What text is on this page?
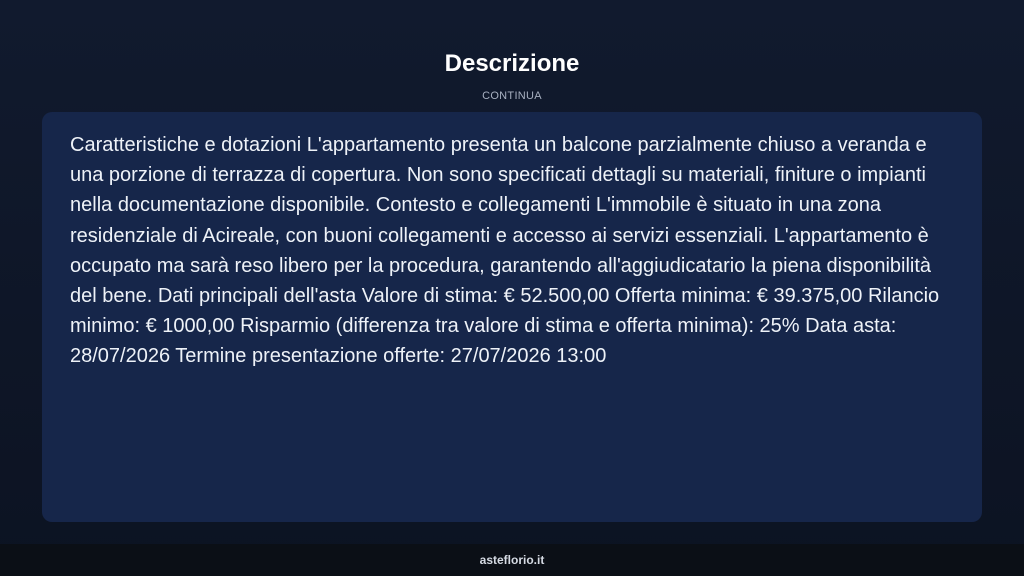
Descrizione
CONTINUA

Caratteristiche e dotazioni L'appartamento presenta un balcone parzialmente chiuso a veranda e una porzione di terrazza di copertura. Non sono specificati dettagli su materiali, finiture o impianti nella documentazione disponibile. Contesto e collegamenti L'immobile è situato in una zona residenziale di Acireale, con buoni collegamenti e accesso ai servizi essenziali. L'appartamento è occupato ma sarà reso libero per la procedura, garantendo all'aggiudicatario la piena disponibilità del bene. Dati principali dell'asta Valore di stima: € 52.500,00 Offerta minima: € 39.375,00 Rilancio minimo: € 1000,00 Risparmio (differenza tra valore di stima e offerta minima): 25% Data asta: 28/07/2026 Termine presentazione offerte: 27/07/2026 13:00

asteflorio.it
